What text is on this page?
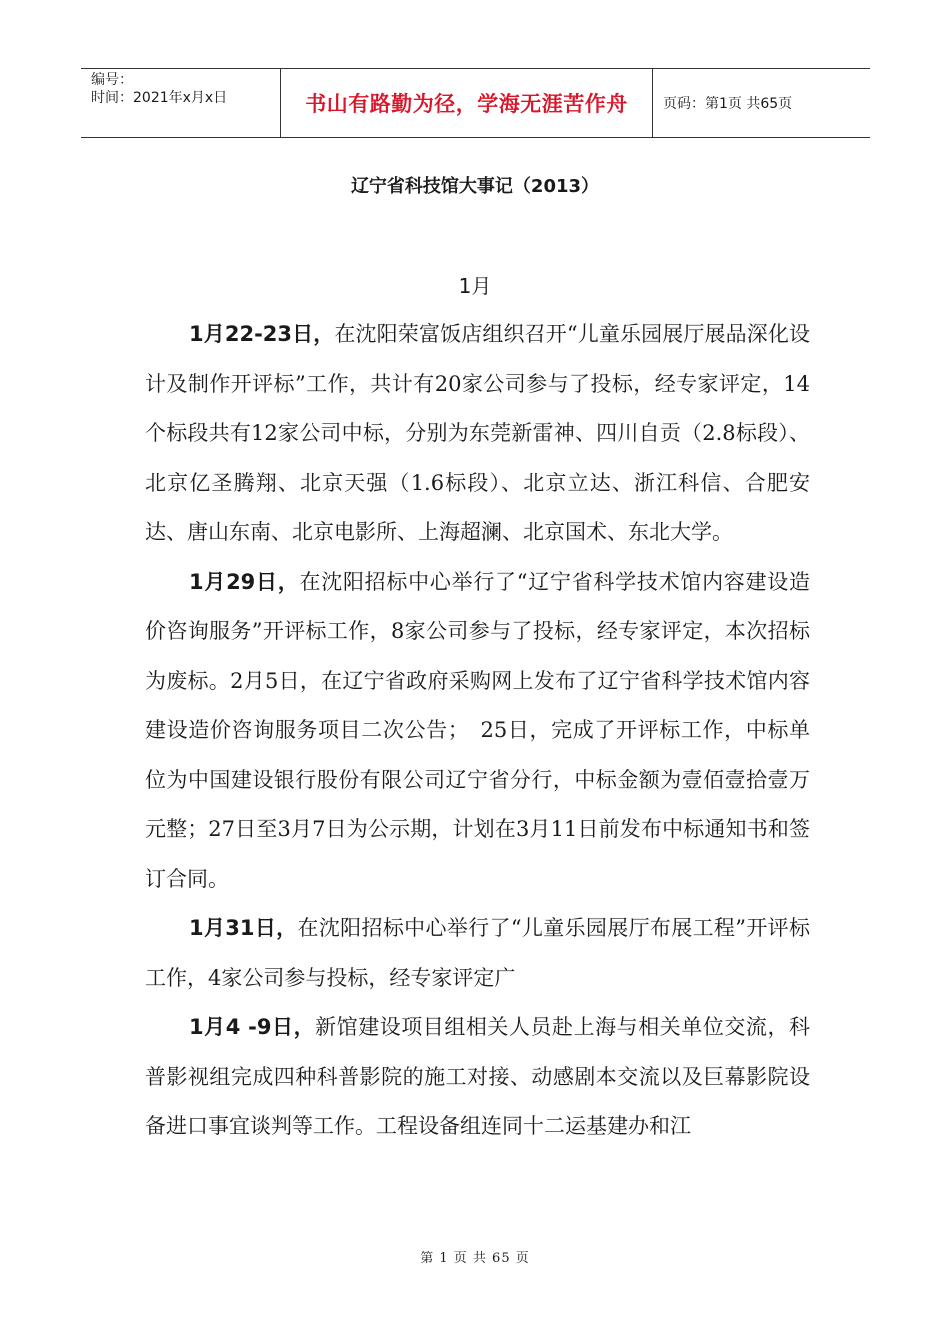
编号：
时间：2021年x月x日	书山有路勤为径，学海无涯苦作舟	页码：第1页 共65页
辽宁省科技馆大事记（2013）
1月

1月22-23日，在沈阳荣富饭店组织召开“儿童乐园展厅展品深化设计及制作开评标”工作，共计有20家公司参与了投标，经专家评定，14个标段共有12家公司中标，分别为东莞新雷神、四川自贡（2.8标段）、北京亿圣腾翔、北京天强（1.6标段）、北京立达、浙江科信、合肥安达、唐山东南、北京电影所、上海超澜、北京国术、东北大学。

1月29日，在沈阳招标中心举行了“辽宁省科学技术馆内容建设造价咨询服务”开评标工作，8家公司参与了投标，经专家评定，本次招标为废标。2月5日，在辽宁省政府采购网上发布了辽宁省科学技术馆内容建设造价咨询服务项目二次公告；　25日，完成了开评标工作，中标单位为中国建设银行股份有限公司辽宁省分行，中标金额为壹佰壹拾壹万元整；27日至3月7日为公示期，计划在3月11日前发布中标通知书和签订合同。

1月31日，在沈阳招标中心举行了“儿童乐园展厅布展工程”开评标工作，4家公司参与投标，经专家评定广

1月4 -9日，新馆建设项目组相关人员赴上海与相关单位交流，科普影视组完成四种科普影院的施工对接、动感剧本交流以及巨幕影院设备进口事宜谈判等工作。工程设备组连同十二运基建办和江

第 1 页 共 65 页
